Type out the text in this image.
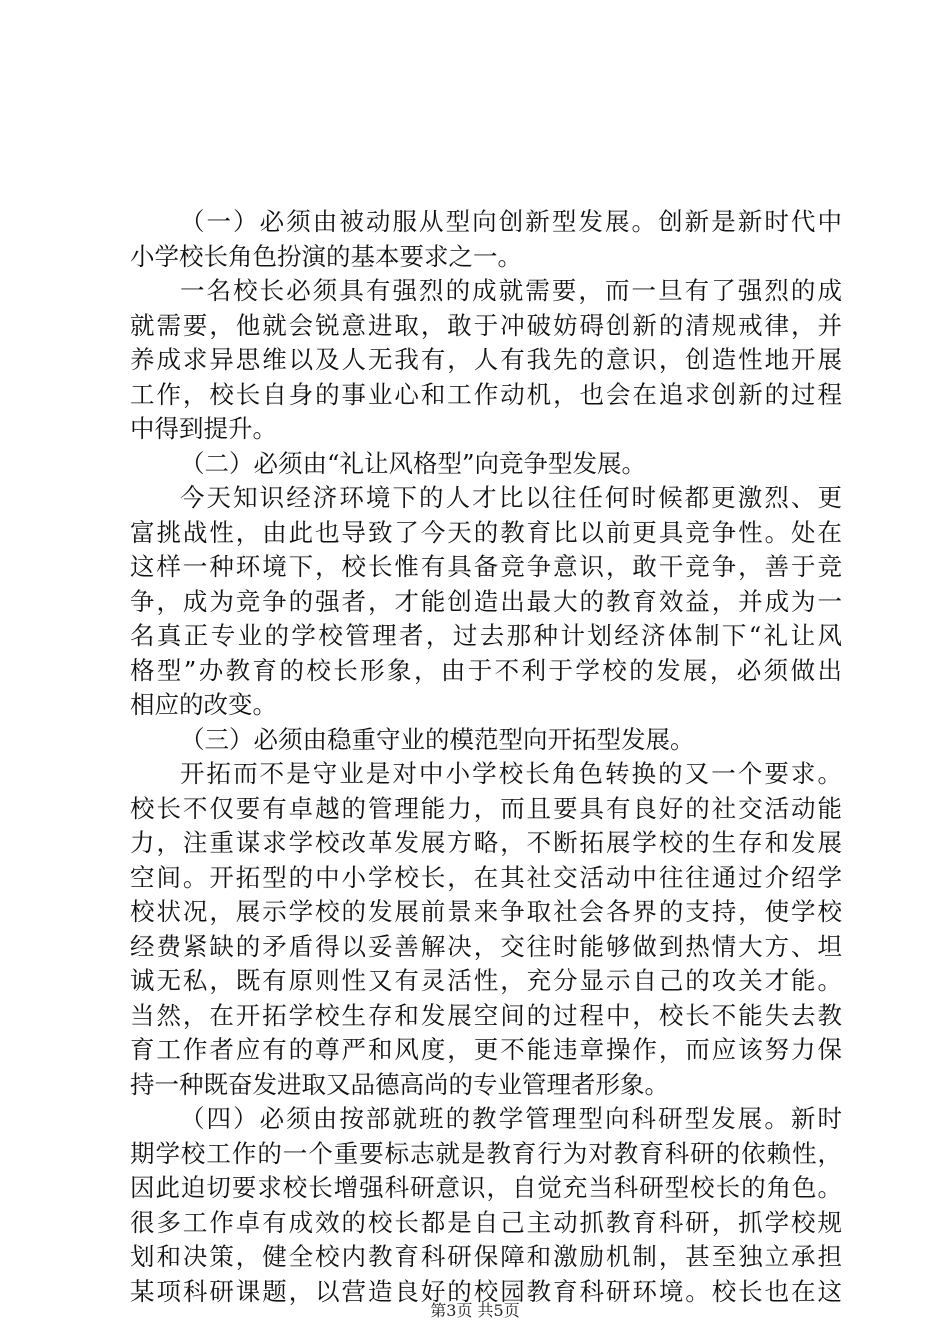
（一）必须由被动服从型向创新型发展。创新是新时代中
小学校长角色扮演的基本要求之一。
一名校长必须具有强烈的成就需要，而一旦有了强烈的成
就需要，他就会锐意进取，敢于冲破妨碍创新的清规戒律，并
养成求异思维以及人无我有，人有我先的意识，创造性地开展
工作，校长自身的事业心和工作动机，也会在追求创新的过程
中得到提升。
（二）必须由“礼让风格型”向竞争型发展。
今天知识经济环境下的人才比以往任何时候都更激烈、更
富挑战性，由此也导致了今天的教育比以前更具竞争性。处在
这样一种环境下，校长惟有具备竞争意识，敢干竞争，善于竞
争，成为竞争的强者，才能创造出最大的教育效益，并成为一
名真正专业的学校管理者，过去那种计划经济体制下“礼让风
格型”办教育的校长形象，由于不利于学校的发展，必须做出
相应的改变。
（三）必须由稳重守业的模范型向开拓型发展。
开拓而不是守业是对中小学校长角色转换的又一个要求。
校长不仅要有卓越的管理能力，而且要具有良好的社交活动能
力，注重谋求学校改革发展方略，不断拓展学校的生存和发展
空间。开拓型的中小学校长，在其社交活动中往往通过介绍学
校状况，展示学校的发展前景来争取社会各界的支持，使学校
经费紧缺的矛盾得以妥善解决，交往时能够做到热情大方、坦
诚无私，既有原则性又有灵活性，充分显示自己的攻关才能。
当然，在开拓学校生存和发展空间的过程中，校长不能失去教
育工作者应有的尊严和风度，更不能违章操作，而应该努力保
持一种既奋发进取又品德高尚的专业管理者形象。
（四）必须由按部就班的教学管理型向科研型发展。新时
期学校工作的一个重要标志就是教育行为对教育科研的依赖性，
因此迫切要求校长增强科研意识，自觉充当科研型校长的角色。
很多工作卓有成效的校长都是自己主动抓教育科研，抓学校规
划和决策，健全校内教育科研保障和激励机制，甚至独立承担
某项科研课题，以营造良好的校园教育科研环境。校长也在这
第3页 共5页
